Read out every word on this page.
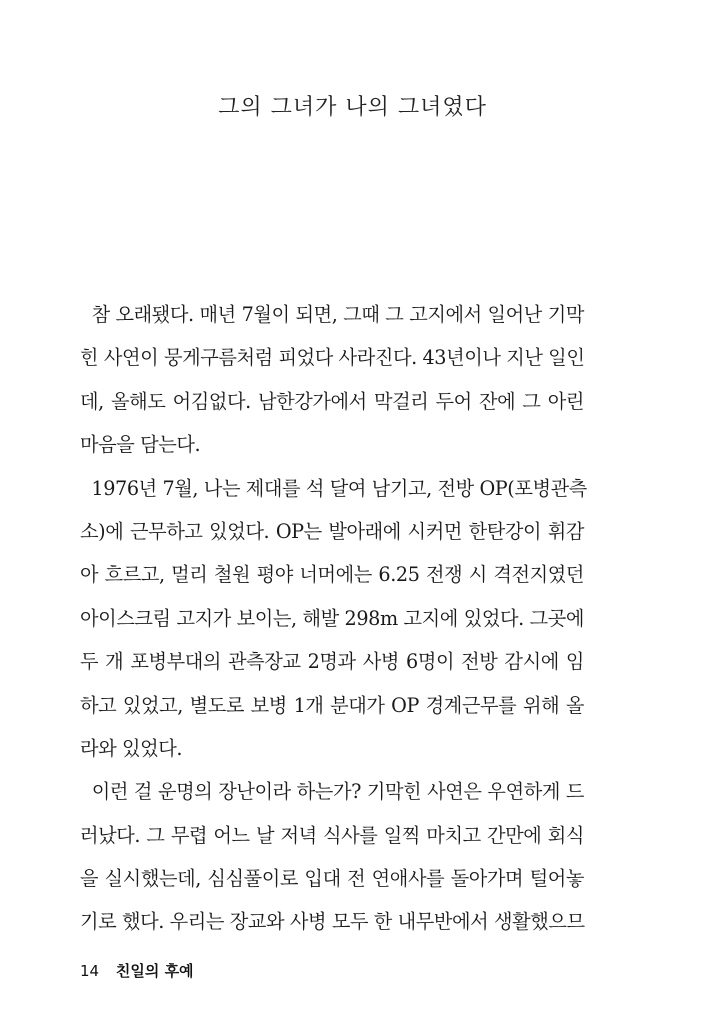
그의 그녀가 나의 그녀였다
참 오래됐다. 매년 7월이 되면, 그때 그 고지에서 일어난 기막
힌 사연이 뭉게구름처럼 피었다 사라진다. 43년이나 지난 일인
데, 올해도 어김없다. 남한강가에서 막걸리 두어 잔에 그 아린
마음을 담는다.
1976년 7월, 나는 제대를 석 달여 남기고, 전방 OP(포병관측
소)에 근무하고 있었다. OP는 발아래에 시커먼 한탄강이 휘감
아 흐르고, 멀리 철원 평야 너머에는 6.25 전쟁 시 격전지였던
아이스크림 고지가 보이는, 해발 298m 고지에 있었다. 그곳에
두 개 포병부대의 관측장교 2명과 사병 6명이 전방 감시에 임
하고 있었고, 별도로 보병 1개 분대가 OP 경계근무를 위해 올
라와 있었다.
이런 걸 운명의 장난이라 하는가? 기막힌 사연은 우연하게 드
러났다. 그 무렵 어느 날 저녁 식사를 일찍 마치고 간만에 회식
을 실시했는데, 심심풀이로 입대 전 연애사를 돌아가며 털어놓
기로 했다. 우리는 장교와 사병 모두 한 내무반에서 생활했으므
14 친일의 후예
